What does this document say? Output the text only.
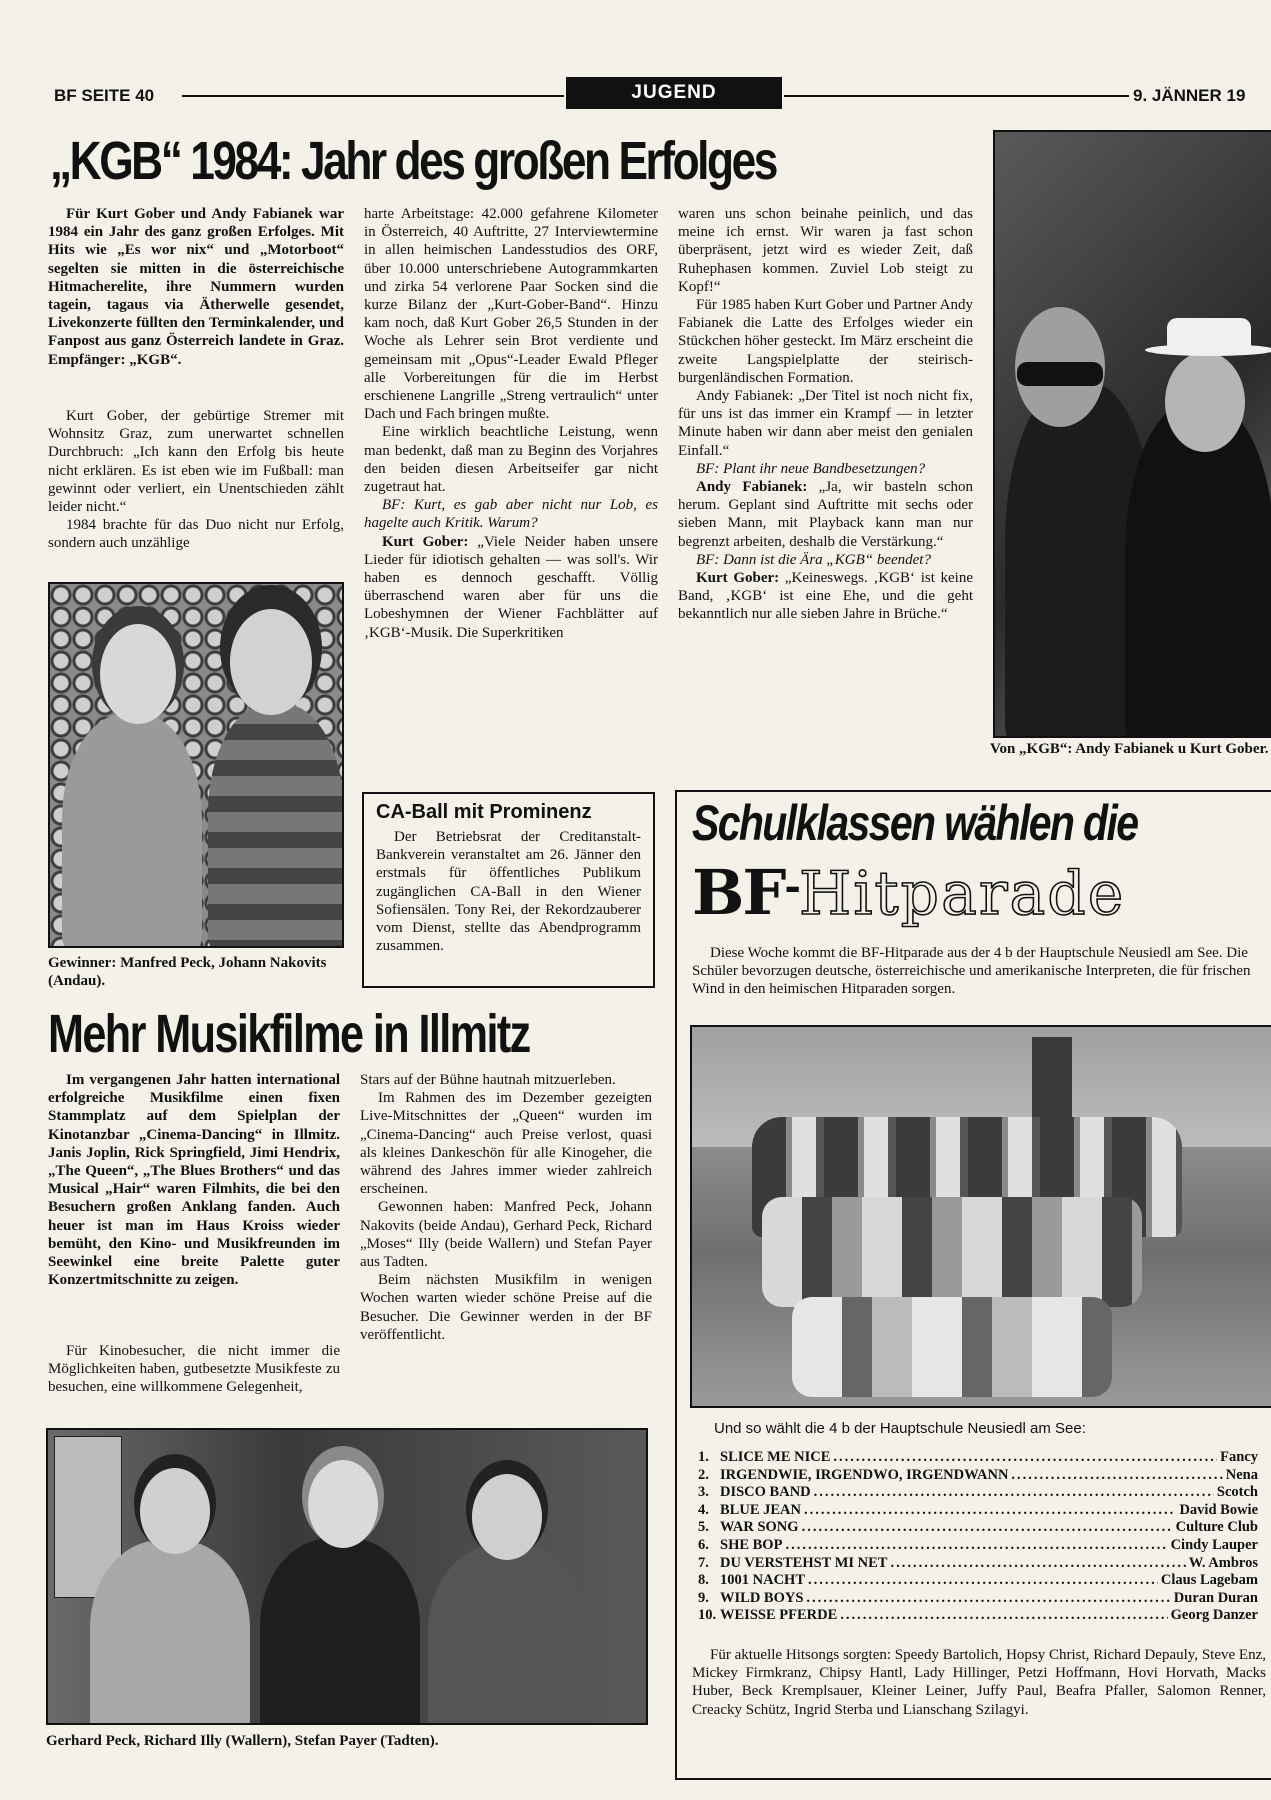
BF SEITE 40	JUGEND	9. JÄNNER 19
„KGB“ 1984: Jahr des großen Erfolges

Für Kurt Gober und Andy Fabianek war 1984 ein Jahr des ganz großen Erfolges. Mit Hits wie „Es wor nix“ und „Motorboot“ segelten sie mitten in die österreichische Hitmacherelite, ihre Nummern wurden tagein, tagaus via Ätherwelle gesendet, Livekonzerte füllten den Terminkalender, und Fanpost aus ganz Österreich landete in Graz. Empfänger: „KGB“.

Kurt Gober, der gebürtige Stremer mit Wohnsitz Graz, zum unerwartet schnellen Durchbruch: „Ich kann den Erfolg bis heute nicht erklären. Es ist eben wie im Fußball: man gewinnt oder verliert, ein Unentschieden zählt leider nicht.“

1984 brachte für das Duo nicht nur Erfolg, sondern auch unzählige

Gewinner: Manfred Peck, Johann Nakovits (Andau).

harte Arbeitstage: 42.000 gefahrene Kilometer in Österreich, 40 Auftritte, 27 Interviewtermine in allen heimischen Landesstudios des ORF, über 10.000 unterschriebene Autogrammkarten und zirka 54 verlorene Paar Socken sind die kurze Bilanz der „Kurt-Gober-Band“. Hinzu kam noch, daß Kurt Gober 26,5 Stunden in der Woche als Lehrer sein Brot verdiente und gemeinsam mit „Opus“-Leader Ewald Pfleger alle Vorbereitungen für die im Herbst erschienene Langrille „Streng vertraulich“ unter Dach und Fach bringen mußte.

Eine wirklich beachtliche Leistung, wenn man bedenkt, daß man zu Beginn des Vorjahres den beiden diesen Arbeitseifer gar nicht zugetraut hat.

BF: Kurt, es gab aber nicht nur Lob, es hagelte auch Kritik. Warum?

Kurt Gober: „Viele Neider haben unsere Lieder für idiotisch gehalten — was soll's. Wir haben es dennoch geschafft. Völlig überraschend waren aber für uns die Lobeshymnen der Wiener Fachblätter auf ‚KGB‘-Musik. Die Superkritiken

waren uns schon beinahe peinlich, und das meine ich ernst. Wir waren ja fast schon überpräsent, jetzt wird es wieder Zeit, daß Ruhephasen kommen. Zuviel Lob steigt zu Kopf!“

Für 1985 haben Kurt Gober und Partner Andy Fabianek die Latte des Erfolges wieder ein Stückchen höher gesteckt. Im März erscheint die zweite Langspielplatte der steirisch-burgenländischen Formation.

Andy Fabianek: „Der Titel ist noch nicht fix, für uns ist das immer ein Krampf — in letzter Minute haben wir dann aber meist den genialen Einfall.“

BF: Plant ihr neue Bandbesetzungen?

Andy Fabianek: „Ja, wir basteln schon herum. Geplant sind Auftritte mit sechs oder sieben Mann, mit Playback kann man nur begrenzt arbeiten, deshalb die Verstärkung.“

BF: Dann ist die Ära „KGB“ beendet?

Kurt Gober: „Keineswegs. ‚KGB‘ ist keine Band, ‚KGB‘ ist eine Ehe, und die geht bekanntlich nur alle sieben Jahre in Brüche.“

Von „KGB“: Andy Fabianek u Kurt Gober.
CA-Ball mit Prominenz

Der Betriebsrat der Creditanstalt-Bankverein veranstaltet am 26. Jänner den erstmals für öffentliches Publikum zugänglichen CA-Ball in den Wiener Sofiensälen. Tony Rei, der Rekordzauberer vom Dienst, stellte das Abendprogramm zusammen.

Mehr Musikfilme in Illmitz

Im vergangenen Jahr hatten international erfolgreiche Musikfilme einen fixen Stammplatz auf dem Spielplan der Kinotanzbar „Cinema-Dancing“ in Illmitz. Janis Joplin, Rick Springfield, Jimi Hendrix, „The Queen“, „The Blues Brothers“ und das Musical „Hair“ waren Filmhits, die bei den Besuchern großen Anklang fanden. Auch heuer ist man im Haus Kroiss wieder bemüht, den Kino- und Musikfreunden im Seewinkel eine breite Palette guter Konzertmitschnitte zu zeigen.

Für Kinobesucher, die nicht immer die Möglichkeiten haben, gutbesetzte Musikfeste zu besuchen, eine willkommene Gelegenheit,

Stars auf der Bühne hautnah mitzuerleben.

Im Rahmen des im Dezember gezeigten Live-Mitschnittes der „Queen“ wurden im „Cinema-Dancing“ auch Preise verlost, quasi als kleines Dankeschön für alle Kinogeher, die während des Jahres immer wieder zahlreich erscheinen.

Gewonnen haben: Manfred Peck, Johann Nakovits (beide Andau), Gerhard Peck, Richard „Moses“ Illy (beide Wallern) und Stefan Payer aus Tadten.

Beim nächsten Musikfilm in wenigen Wochen warten wieder schöne Preise auf die Besucher. Die Gewinner werden in der BF veröffentlicht.

Gerhard Peck, Richard Illy (Wallern), Stefan Payer (Tadten).
Schulklassen wählen die
BF-Hitparade

Diese Woche kommt die BF-Hitparade aus der 4 b der Hauptschule Neusiedl am See. Die Schüler bevorzugen deutsche, österreichische und amerikanische Interpreten, die für frischen Wind in den heimischen Hitparaden sorgen.

Und so wählt die 4 b der Hauptschule Neusiedl am See:
1. SLICE ME NICE .....	Fancy
2. IRGENDWIE, IRGENDWO, IRGENDWANN .....	Nena
3. DISCO BAND .....	Scotch
4. BLUE JEAN .....	David Bowie
5. WAR SONG .....	Culture Club
6. SHE BOP .....	Cindy Lauper
7. DU VERSTEHST MI NET .....	W. Ambros
8. 1001 NACHT .....	Claus Lagebam
9. WILD BOYS .....	Duran Duran
10. WEISSE PFERDE .....	Georg Danzer

Für aktuelle Hitsongs sorgten: Speedy Bartolich, Hopsy Christ, Richard Depauly, Steve Enz, Mickey Firmkranz, Chipsy Hantl, Lady Hillinger, Petzi Hoffmann, Hovi Horvath, Macks Huber, Beck Kremplsauer, Kleiner Leiner, Juffy Paul, Beafra Pfaller, Salomon Renner, Creacky Schütz, Ingrid Sterba und Lianschang Szilagyi.
